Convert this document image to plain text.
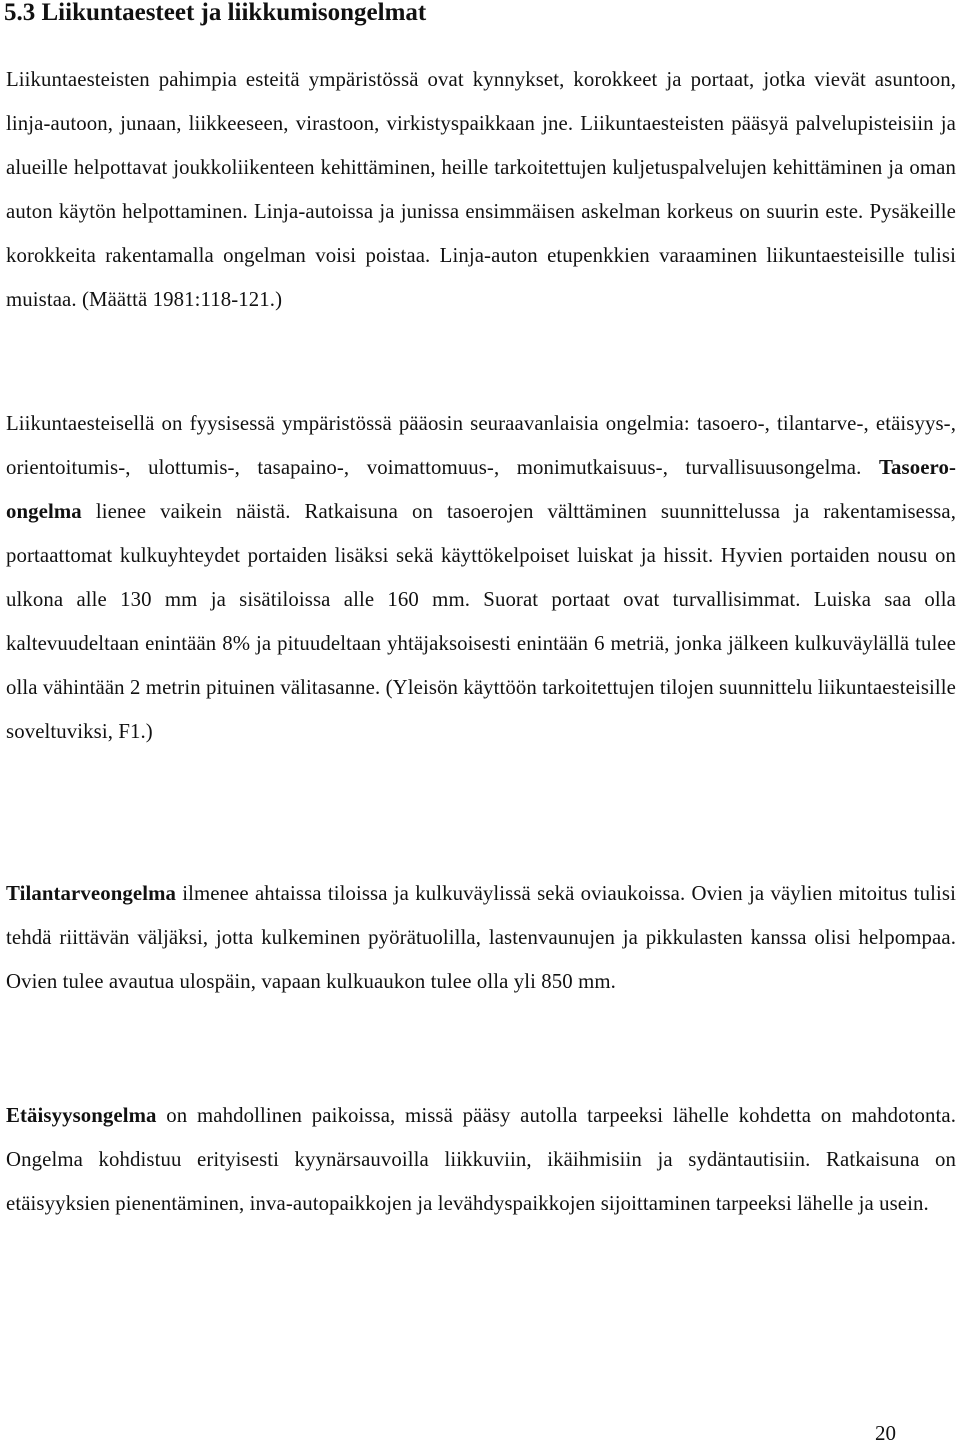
5.3 Liikuntaesteet ja liikkumisongelmat

Liikuntaesteisten pahimpia esteitä ympäristössä ovat kynnykset, korokkeet ja portaat, jotka vievät asuntoon, linja-autoon, junaan, liikkeeseen, virastoon, virkistyspaikkaan jne. Liikuntaesteisten pääsyä palvelupisteisiin ja alueille helpottavat joukkoliikenteen kehittäminen, heille tarkoitettujen kuljetuspalvelujen kehittäminen ja oman auton käytön helpottaminen. Linja-autoissa ja junissa ensimmäisen askelman korkeus on suurin este. Pysäkeille korokkeita rakentamalla ongelman voisi poistaa. Linja-auton etupenkkien varaaminen liikuntaesteisille tulisi muistaa. (Määttä 1981:118-121.)

Liikuntaesteisellä on fyysisessä ympäristössä pääosin seuraavanlaisia ongelmia: tasoero-, tilantarve-, etäisyys-, orientoitumis-, ulottumis-, tasapaino-, voimattomuus-, monimutkaisuus-, turvallisuusongelma. Tasoero-ongelma lienee vaikein näistä. Ratkaisuna on tasoerojen välttäminen suunnittelussa ja rakentamisessa, portaattomat kulkuyhteydet portaiden lisäksi sekä käyttökelpoiset luiskat ja hissit. Hyvien portaiden nousu on ulkona alle 130 mm ja sisätiloissa alle 160 mm. Suorat portaat ovat turvallisimmat. Luiska saa olla kaltevuudeltaan enintään 8% ja pituudeltaan yhtäjaksoisesti enintään 6 metriä, jonka jälkeen kulkuväylällä tulee olla vähintään 2 metrin pituinen välitasanne. (Yleisön käyttöön tarkoitettujen tilojen suunnittelu liikuntaesteisille soveltuviksi, F1.)

Tilantarveongelma ilmenee ahtaissa tiloissa ja kulkuväylissä sekä oviaukoissa. Ovien ja väylien mitoitus tulisi tehdä riittävän väljäksi, jotta kulkeminen pyörätuolilla, lastenvaunujen ja pikkulasten kanssa olisi helpompaa. Ovien tulee avautua ulospäin, vapaan kulkuaukon tulee olla yli 850 mm.

Etäisyysongelma on mahdollinen paikoissa, missä pääsy autolla tarpeeksi lähelle kohdetta on mahdotonta. Ongelma kohdistuu erityisesti kyynärsauvoilla liikkuviin, ikäihmisiin ja sydäntautisiin. Ratkaisuna on etäisyyksien pienentäminen, inva-autopaikkojen ja levähdyspaikkojen sijoittaminen tarpeeksi lähelle ja usein.

20
